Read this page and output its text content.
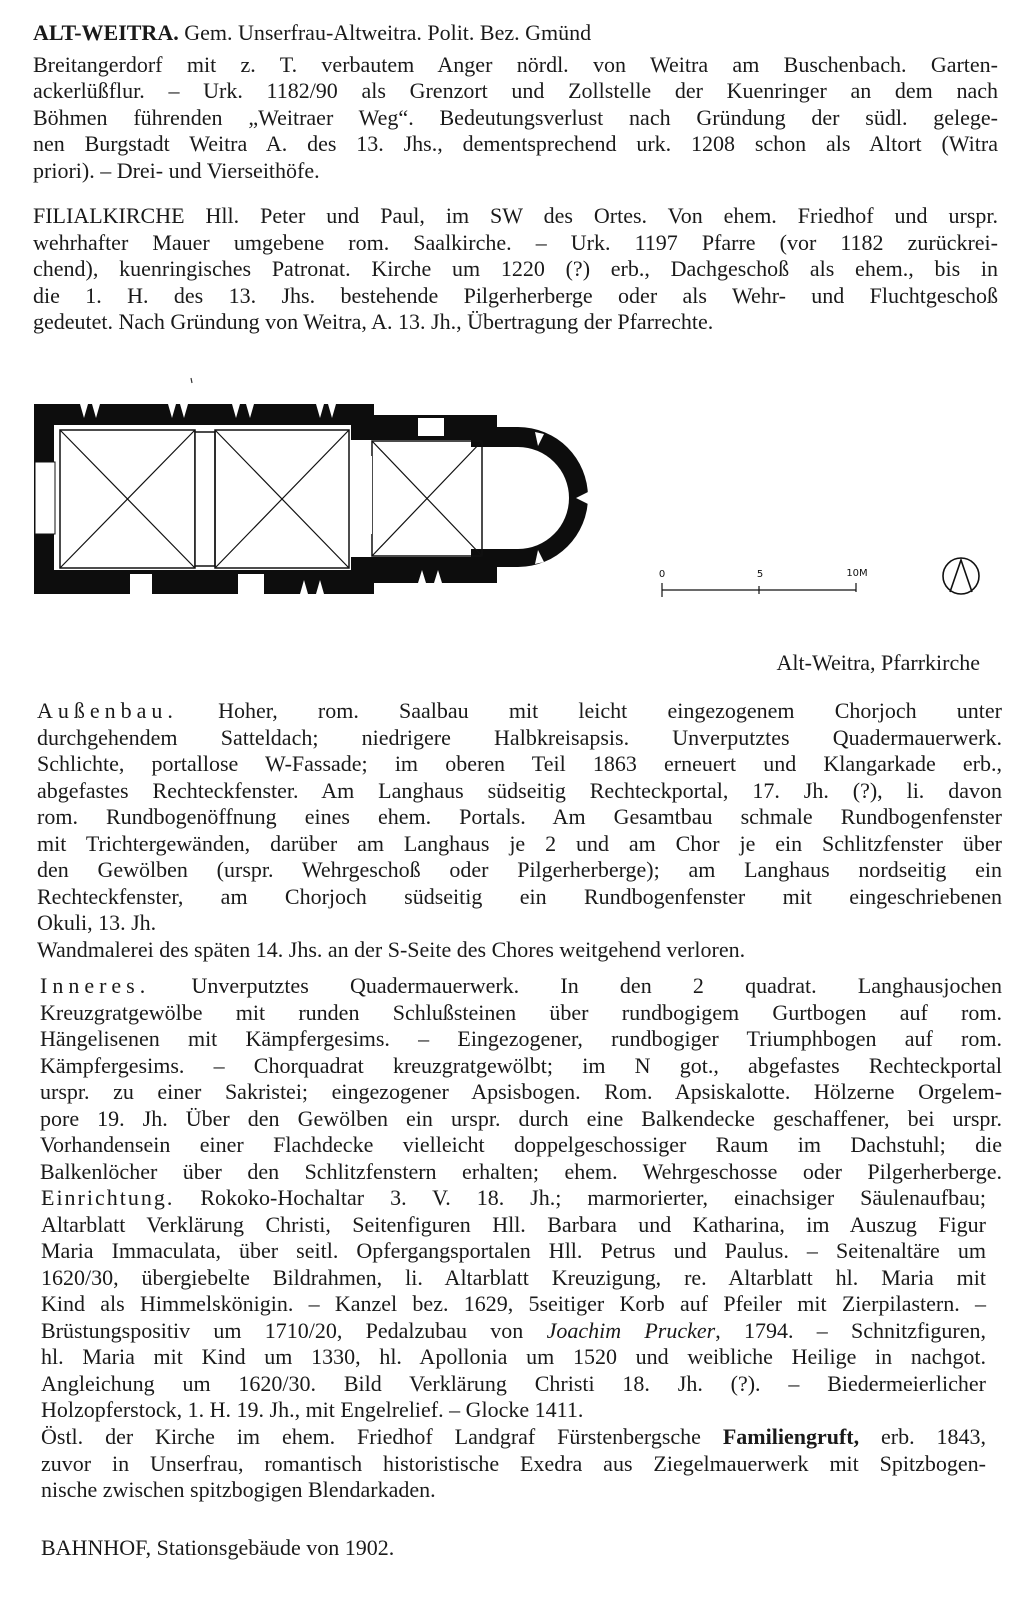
ALT-WEITRA. Gem. Unserfrau-Altweitra. Polit. Bez. Gmünd
Breitangerdorf mit z. T. verbautem Anger nördl. von Weitra am Buschenbach. Garten-
ackerlüßflur. – Urk. 1182/90 als Grenzort und Zollstelle der Kuenringer an dem nach
Böhmen führenden „Weitraer Weg“. Bedeutungsverlust nach Gründung der südl. gelege-
nen Burgstadt Weitra A. des 13. Jhs., dementsprechend urk. 1208 schon als Altort (Witra
priori). – Drei- und Vierseithöfe.
FILIALKIRCHE Hll. Peter und Paul, im SW des Ortes. Von ehem. Friedhof und urspr.
wehrhafter Mauer umgebene rom. Saalkirche. – Urk. 1197 Pfarre (vor 1182 zurückrei-
chend), kuenringisches Patronat. Kirche um 1220 (?) erb., Dachgeschoß als ehem., bis in
die 1. H. des 13. Jhs. bestehende Pilgerherberge oder als Wehr- und Fluchtgeschoß
gedeutet. Nach Gründung von Weitra, A. 13. Jh., Übertragung der Pfarrechte.
0	5	10M
Alt-Weitra, Pfarrkirche
Außenbau. Hoher, rom. Saalbau mit leicht eingezogenem Chorjoch unter
durchgehendem Satteldach; niedrigere Halbkreisapsis. Unverputztes Quadermauerwerk.
Schlichte, portallose W-Fassade; im oberen Teil 1863 erneuert und Klangarkade erb.,
abgefastes Rechteckfenster. Am Langhaus südseitig Rechteckportal, 17. Jh. (?), li. davon
rom. Rundbogenöffnung eines ehem. Portals. Am Gesamtbau schmale Rundbogenfenster
mit Trichtergewänden, darüber am Langhaus je 2 und am Chor je ein Schlitzfenster über
den Gewölben (urspr. Wehrgeschoß oder Pilgerherberge); am Langhaus nordseitig ein
Rechteckfenster, am Chorjoch südseitig ein Rundbogenfenster mit eingeschriebenen
Okuli, 13. Jh.
Wandmalerei des späten 14. Jhs. an der S-Seite des Chores weitgehend verloren.
Inneres. Unverputztes Quadermauerwerk. In den 2 quadrat. Langhausjochen
Kreuzgratgewölbe mit runden Schlußsteinen über rundbogigem Gurtbogen auf rom.
Hängelisenen mit Kämpfergesims. – Eingezogener, rundbogiger Triumphbogen auf rom.
Kämpfergesims. – Chorquadrat kreuzgratgewölbt; im N got., abgefastes Rechteckportal
urspr. zu einer Sakristei; eingezogener Apsisbogen. Rom. Apsiskalotte. Hölzerne Orgelem-
pore 19. Jh. Über den Gewölben ein urspr. durch eine Balkendecke geschaffener, bei urspr.
Vorhandensein einer Flachdecke vielleicht doppelgeschossiger Raum im Dachstuhl; die
Balkenlöcher über den Schlitzfenstern erhalten; ehem. Wehrgeschosse oder Pilgerherberge.
Einrichtung. Rokoko-Hochaltar 3. V. 18. Jh.; marmorierter, einachsiger Säulenaufbau;
Altarblatt Verklärung Christi, Seitenfiguren Hll. Barbara und Katharina, im Auszug Figur
Maria Immaculata, über seitl. Opfergangsportalen Hll. Petrus und Paulus. – Seitenaltäre um
1620/30, übergiebelte Bildrahmen, li. Altarblatt Kreuzigung, re. Altarblatt hl. Maria mit
Kind als Himmelskönigin. – Kanzel bez. 1629, 5seitiger Korb auf Pfeiler mit Zierpilastern. –
Brüstungspositiv um 1710/20, Pedalzubau von Joachim Prucker, 1794. – Schnitzfiguren,
hl. Maria mit Kind um 1330, hl. Apollonia um 1520 und weibliche Heilige in nachgot.
Angleichung um 1620/30. Bild Verklärung Christi 18. Jh. (?). – Biedermeierlicher
Holzopferstock, 1. H. 19. Jh., mit Engelrelief. – Glocke 1411.
Östl. der Kirche im ehem. Friedhof Landgraf Fürstenbergsche Familiengruft, erb. 1843,
zuvor in Unserfrau, romantisch historistische Exedra aus Ziegelmauerwerk mit Spitzbogen-
nische zwischen spitzbogigen Blendarkaden.
BAHNHOF, Stationsgebäude von 1902.
